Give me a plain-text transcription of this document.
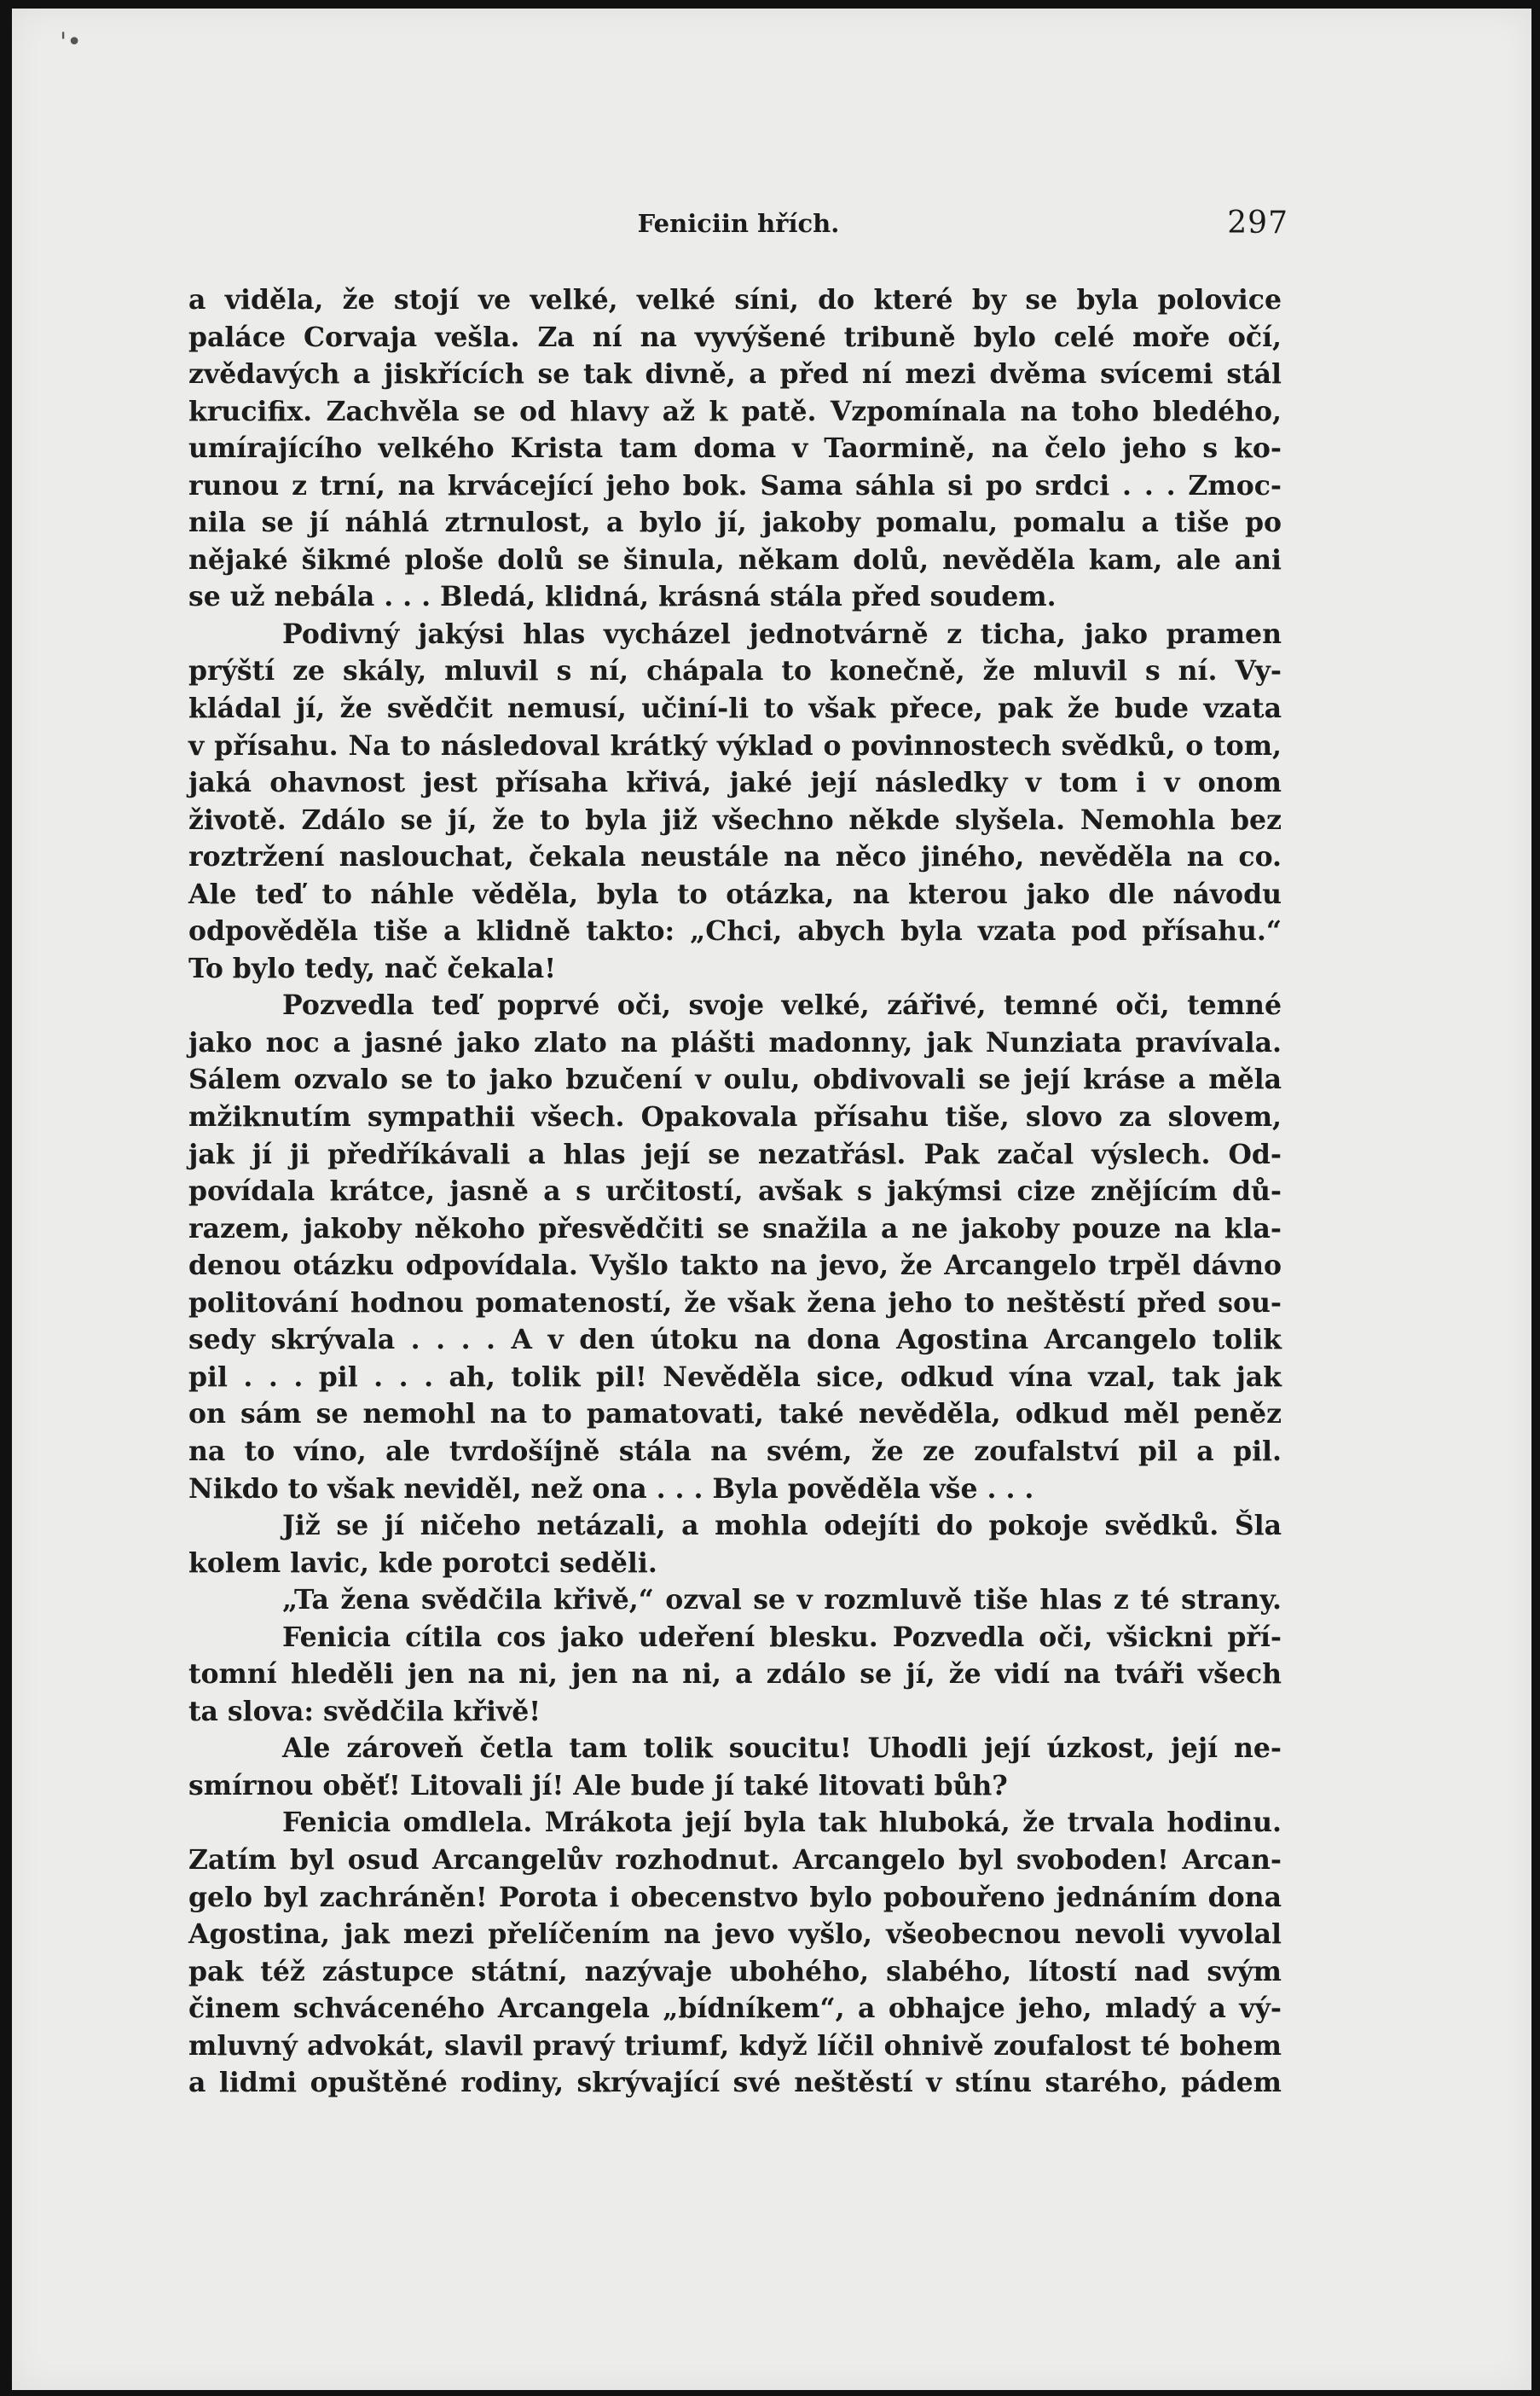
'•
Feniciin hřích.	297
a viděla, že stojí ve velké, velké síni, do které by se byla polovice
paláce Corvaja vešla. Za ní na vyvýšené tribuně bylo celé moře očí,
zvědavých a jiskřících se tak divně, a před ní mezi dvěma svícemi stál
krucifix. Zachvěla se od hlavy až k patě. Vzpomínala na toho bledého,
umírajícího velkého Krista tam doma v Taormině, na čelo jeho s ko-
runou z trní, na krvácející jeho bok. Sama sáhla si po srdci . . . Zmoc-
nila se jí náhlá ztrnulost, a bylo jí, jakoby pomalu, pomalu a tiše po
nějaké šikmé ploše dolů se šinula, někam dolů, nevěděla kam, ale ani
se už nebála . . . Bledá, klidná, krásná stála před soudem.
Podivný jakýsi hlas vycházel jednotvárně z ticha, jako pramen
prýští ze skály, mluvil s ní, chápala to konečně, že mluvil s ní. Vy-
kládal jí, že svědčit nemusí, učiní-li to však přece, pak že bude vzata
v přísahu. Na to následoval krátký výklad o povinnostech svědků, o tom,
jaká ohavnost jest přísaha křivá, jaké její následky v tom i v onom
životě. Zdálo se jí, že to byla již všechno někde slyšela. Nemohla bez
roztržení naslouchat, čekala neustále na něco jiného, nevěděla na co.
Ale teď to náhle věděla, byla to otázka, na kterou jako dle návodu
odpověděla tiše a klidně takto: „Chci, abych byla vzata pod přísahu.“
To bylo tedy, nač čekala!
Pozvedla teď poprvé oči, svoje velké, zářivé, temné oči, temné
jako noc a jasné jako zlato na plášti madonny, jak Nunziata pravívala.
Sálem ozvalo se to jako bzučení v oulu, obdivovali se její kráse a měla
mžiknutím sympathii všech. Opakovala přísahu tiše, slovo za slovem,
jak jí ji předříkávali a hlas její se nezatřásl. Pak začal výslech. Od-
povídala krátce, jasně a s určitostí, avšak s jakýmsi cize znějícím dů-
razem, jakoby někoho přesvědčiti se snažila a ne jakoby pouze na kla-
denou otázku odpovídala. Vyšlo takto na jevo, že Arcangelo trpěl dávno
politování hodnou pomateností, že však žena jeho to neštěstí před sou-
sedy skrývala . . . . A v den útoku na dona Agostina Arcangelo tolik
pil . . . pil . . . ah, tolik pil! Nevěděla sice, odkud vína vzal, tak jak
on sám se nemohl na to pamatovati, také nevěděla, odkud měl peněz
na to víno, ale tvrdošíjně stála na svém, že ze zoufalství pil a pil.
Nikdo to však neviděl, než ona . . . Byla pověděla vše . . .
Již se jí ničeho netázali, a mohla odejíti do pokoje svědků. Šla
kolem lavic, kde porotci seděli.
„Ta žena svědčila křivě,“ ozval se v rozmluvě tiše hlas z té strany.
Fenicia cítila cos jako udeření blesku. Pozvedla oči, všickni pří-
tomní hleděli jen na ni, jen na ni, a zdálo se jí, že vidí na tváři všech
ta slova: svědčila křivě!
Ale zároveň četla tam tolik soucitu! Uhodli její úzkost, její ne-
smírnou oběť! Litovali jí! Ale bude jí také litovati bůh?
Fenicia omdlela. Mrákota její byla tak hluboká, že trvala hodinu.
Zatím byl osud Arcangelův rozhodnut. Arcangelo byl svoboden! Arcan-
gelo byl zachráněn! Porota i obecenstvo bylo pobouřeno jednáním dona
Agostina, jak mezi přelíčením na jevo vyšlo, všeobecnou nevoli vyvolal
pak též zástupce státní, nazývaje ubohého, slabého, lítostí nad svým
činem schváceného Arcangela „bídníkem“, a obhajce jeho, mladý a vý-
mluvný advokát, slavil pravý triumf, když líčil ohnivě zoufalost té bohem
a lidmi opuštěné rodiny, skrývající své neštěstí v stínu starého, pádem
